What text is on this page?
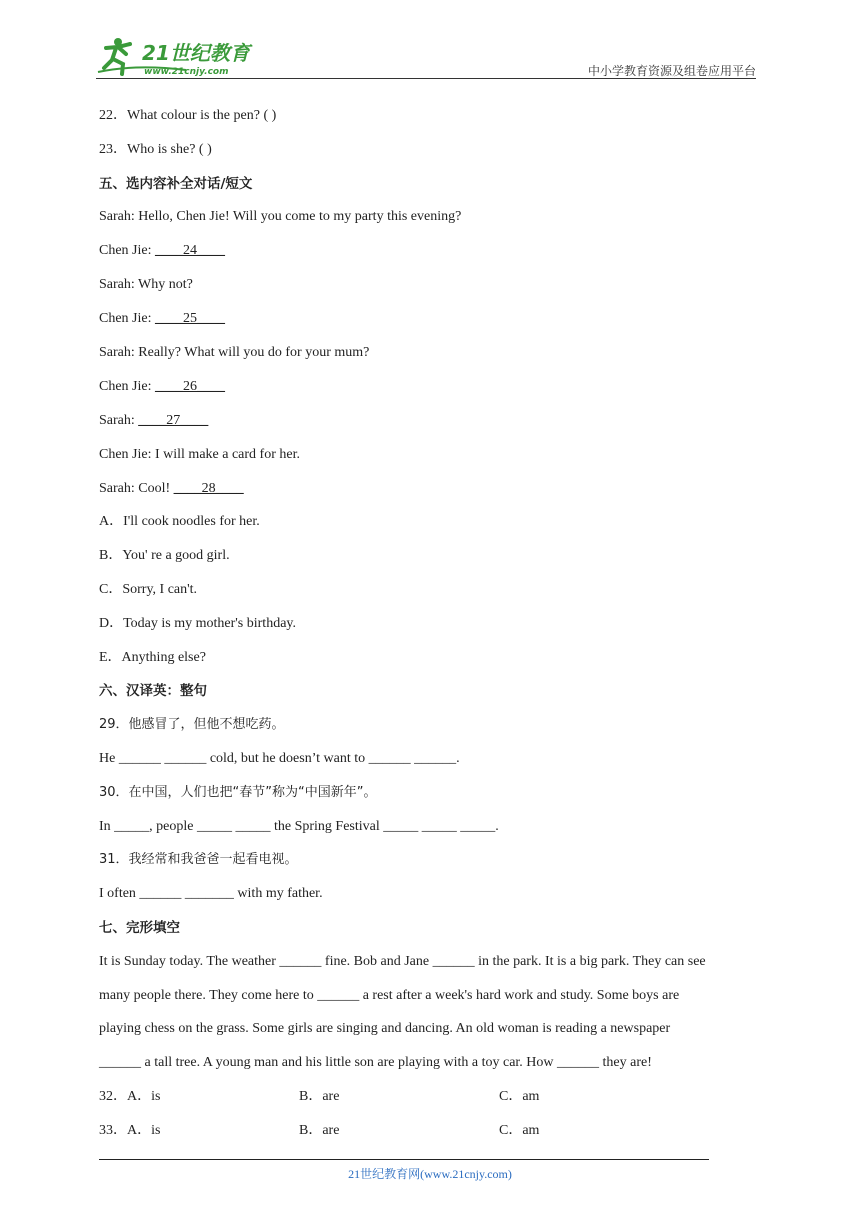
21世纪教育
www.21cnjy.com	中小学教育资源及组卷应用平台
22．What colour is the pen? ( )
23．Who is she? ( )
五、选内容补全对话/短文
Sarah: Hello, Chen Jie! Will you come to my party this evening?
Chen Jie: ____24____
Sarah: Why not?
Chen Jie: ____25____
Sarah: Really? What will you do for your mum?
Chen Jie: ____26____
Sarah: ____27____
Chen Jie: I will make a card for her.
Sarah: Cool! ____28____
A．I'll cook noodles for her.
B．You' re a good girl.
C．Sorry, I can't.
D．Today is my mother's birthday.
E．Anything else?
六、汉译英：整句
29．他感冒了，但他不想吃药。
He ______ ______ cold, but he doesn’t want to ______ ______.
30．在中国，人们也把“春节”称为“中国新年”。
In _____, people _____ _____ the Spring Festival _____ _____ _____.
31．我经常和我爸爸一起看电视。
I often ______ _______ with my father.
七、完形填空
It is Sunday today. The weather ______ fine. Bob and Jane ______ in the park. It is a big park. They can see
many people there. They come here to ______ a rest after a week's hard work and study. Some boys are
playing chess on the grass. Some girls are singing and dancing. An old woman is reading a newspaper
______ a tall tree. A young man and his little son are playing with a toy car. How ______ they are!
32．A．is	B．are	C．am
33．A．is	B．are	C．am
21世纪教育网(www.21cnjy.com)
